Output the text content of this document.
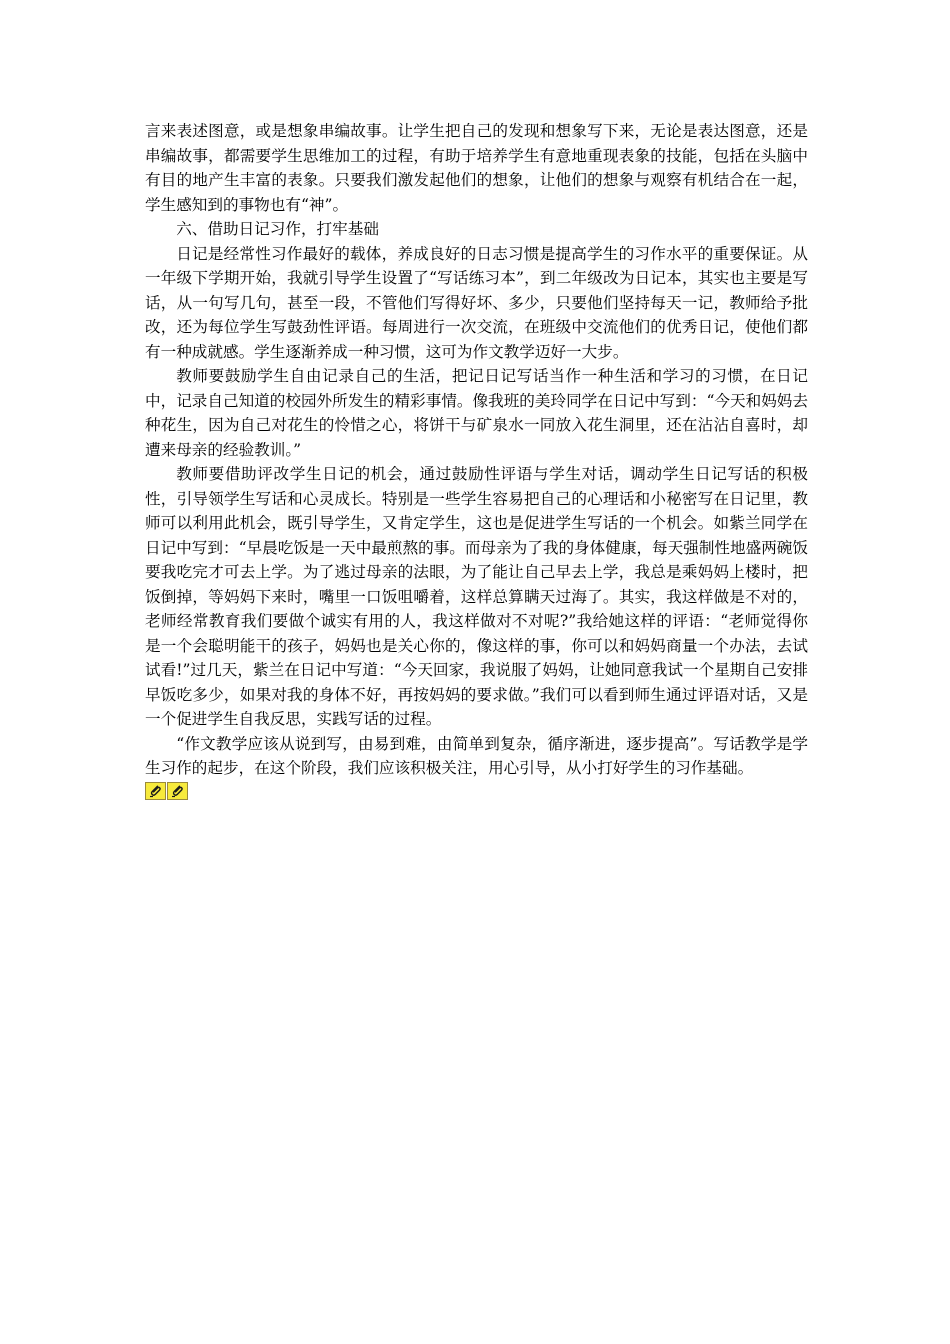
言来表述图意，或是想象串编故事。让学生把自己的发现和想象写下来，无论是表达图意，还是串编故事，都需要学生思维加工的过程，有助于培养学生有意地重现表象的技能，包括在头脑中有目的地产生丰富的表象。只要我们激发起他们的想象，让他们的想象与观察有机结合在一起，学生感知到的事物也有“神”。

六、借助日记习作，打牢基础

日记是经常性习作最好的载体，养成良好的日志习惯是提高学生的习作水平的重要保证。从一年级下学期开始，我就引导学生设置了“写话练习本”，到二年级改为日记本，其实也主要是写话，从一句写几句，甚至一段，不管他们写得好坏、多少，只要他们坚持每天一记，教师给予批改，还为每位学生写鼓劲性评语。每周进行一次交流，在班级中交流他们的优秀日记，使他们都有一种成就感。学生逐渐养成一种习惯，这可为作文教学迈好一大步。

教师要鼓励学生自由记录自己的生活，把记日记写话当作一种生活和学习的习惯，在日记中，记录自己知道的校园外所发生的精彩事情。像我班的美玲同学在日记中写到：“今天和妈妈去种花生，因为自己对花生的怜惜之心，将饼干与矿泉水一同放入花生洞里，还在沾沾自喜时，却遭来母亲的经验教训。”

教师要借助评改学生日记的机会，通过鼓励性评语与学生对话，调动学生日记写话的积极性，引导领学生写话和心灵成长。特别是一些学生容易把自己的心理话和小秘密写在日记里，教师可以利用此机会，既引导学生，又肯定学生，这也是促进学生写话的一个机会。如紫兰同学在日记中写到：“早晨吃饭是一天中最煎熬的事。而母亲为了我的身体健康，每天强制性地盛两碗饭要我吃完才可去上学。为了逃过母亲的法眼，为了能让自己早去上学，我总是乘妈妈上楼时，把饭倒掉，等妈妈下来时，嘴里一口饭咀嚼着，这样总算瞒天过海了。其实，我这样做是不对的，老师经常教育我们要做个诚实有用的人，我这样做对不对呢?”我给她这样的评语：“老师觉得你是一个会聪明能干的孩子，妈妈也是关心你的，像这样的事，你可以和妈妈商量一个办法，去试试看!”过几天，紫兰在日记中写道：“今天回家，我说服了妈妈，让她同意我试一个星期自己安排早饭吃多少，如果对我的身体不好，再按妈妈的要求做。”我们可以看到师生通过评语对话，又是一个促进学生自我反思，实践写话的过程。

“作文教学应该从说到写，由易到难，由简单到复杂，循序渐进，逐步提高”。写话教学是学生习作的起步，在这个阶段，我们应该积极关注，用心引导，从小打好学生的习作基础。
